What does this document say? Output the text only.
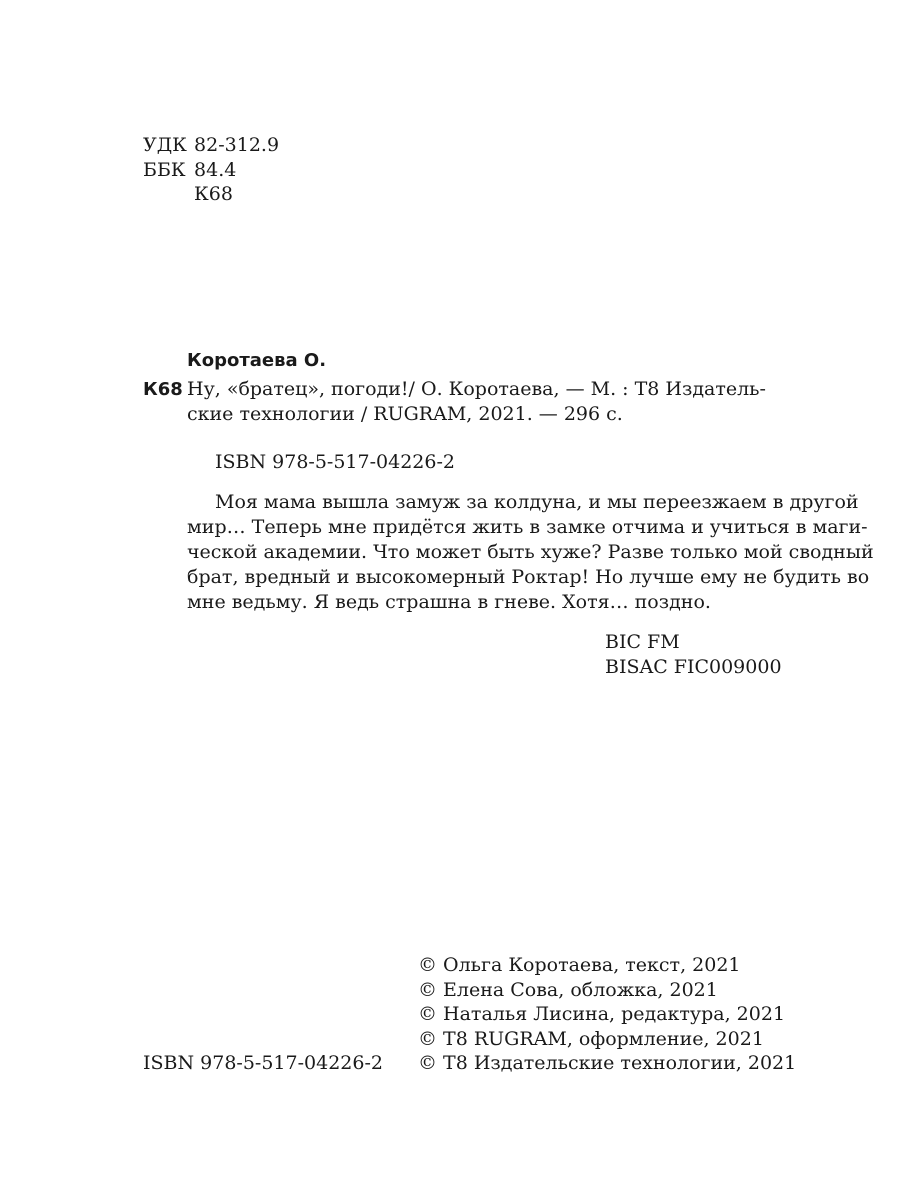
УДК 82-312.9
ББК 84.4
К68
Коротаева О.
К68 Ну, «братец», погоди!/ О. Коротаева, — М. : Т8 Издатель-
ские технологии / RUGRAM, 2021. — 296 с.
ISBN 978-5-517-04226-2
Моя мама вышла замуж за колдуна, и мы переезжаем в другой
мир… Теперь мне придётся жить в замке отчима и учиться в маги-
ческой академии. Что может быть хуже? Разве только мой сводный
брат, вредный и высокомерный Роктар! Но лучше ему не будить во
мне ведьму. Я ведь страшна в гневе. Хотя… поздно.
BIC FM
BISAC FIC009000
© Ольга Коротаева, текст, 2021
© Елена Сова, обложка, 2021
© Наталья Лисина, редактура, 2021
© Т8 RUGRAM, оформление, 2021
© Т8 Издательские технологии, 2021
ISBN 978-5-517-04226-2
